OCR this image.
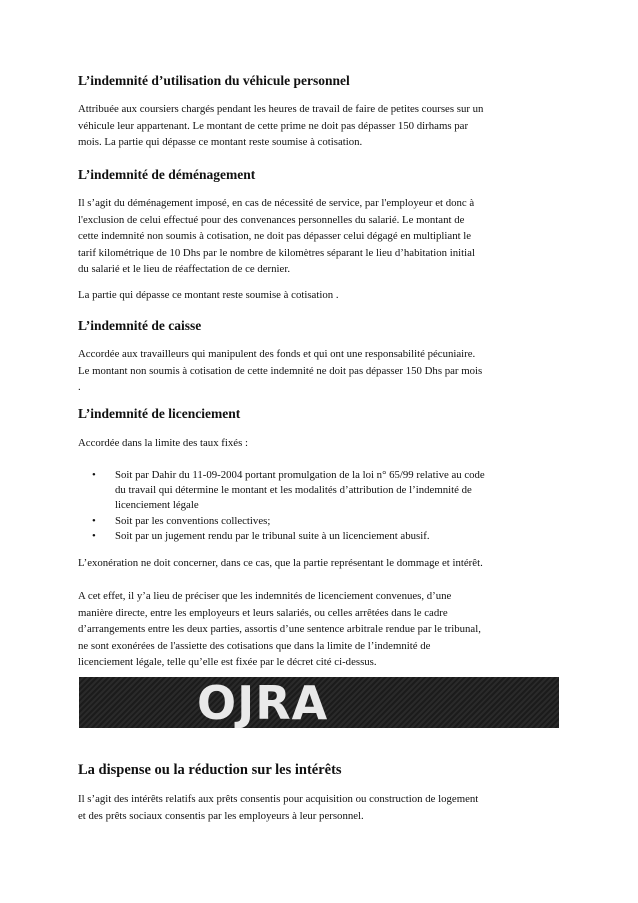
L’indemnité d’utilisation du véhicule personnel
Attribuée aux coursiers chargés pendant les heures de travail de faire de petites courses sur un
véhicule leur appartenant. Le montant de cette prime ne doit pas dépasser 150 dirhams par
mois. La partie qui dépasse ce montant reste soumise à cotisation.
L’indemnité de déménagement
Il s’agit du déménagement imposé, en cas de nécessité de service, par l'employeur et donc à
l'exclusion de celui effectué pour des convenances personnelles du salarié. Le montant de
cette indemnité non soumis à cotisation, ne doit pas dépasser celui dégagé en multipliant le
tarif kilométrique de 10 Dhs par le nombre de kilomètres séparant le lieu d’habitation initial
du salarié et le lieu de réaffectation de ce dernier.
La partie qui dépasse ce montant reste soumise à cotisation .
L’indemnité de caisse
Accordée aux travailleurs qui manipulent des fonds et qui ont une responsabilité pécuniaire.
Le montant non soumis à cotisation de cette indemnité ne doit pas dépasser 150 Dhs par mois
.
L’indemnité de licenciement
Accordée dans la limite des taux fixés :
• Soit par Dahir du 11-09-2004 portant promulgation de la loi n° 65/99 relative au code
du travail qui détermine le montant et les modalités d’attribution de l’indemnité de
licenciement légale
• Soit par les conventions collectives;
• Soit par un jugement rendu par le tribunal suite à un licenciement abusif.
L’exonération ne doit concerner, dans ce cas, que la partie représentant le dommage et intérêt.
A cet effet, il y’a lieu de préciser que les indemnités de licenciement convenues, d’une
manière directe, entre les employeurs et leurs salariés, ou celles arrêtées dans le cadre
d’arrangements entre les deux parties, assortis d’une sentence arbitrale rendue par le tribunal,
ne sont exonérées de l'assiette des cotisations que dans la limite de l’indemnité de
licenciement légale, telle qu’elle est fixée par le décret cité ci-dessus.
OJRA
La dispense ou la réduction sur les intérêts
Il s’agit des intérêts relatifs aux prêts consentis pour acquisition ou construction de logement
et des prêts sociaux consentis par les employeurs à leur personnel.
